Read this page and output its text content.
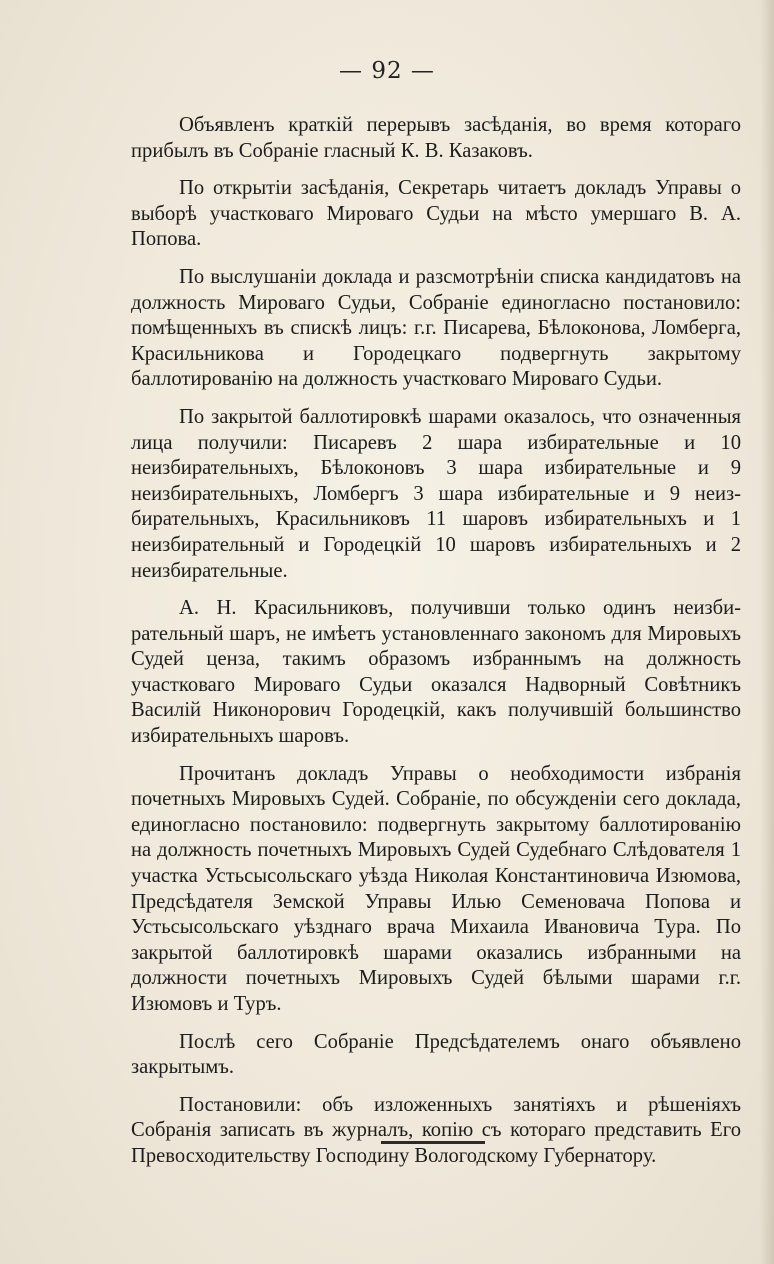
— 92 —

Объявленъ краткій перерывъ засѣданія, во время котораго прибылъ въ Собраніе гласный К. В. Казаковъ.

По открытіи засѣданія, Секретарь читаетъ докладъ Управы о выборѣ участковаго Мироваго Судьи на мѣсто умершаго В. А. Попова.

По выслушаніи доклада и разсмотрѣніи списка кандидатовъ на должность Мироваго Судьи, Собраніе единогласно постановило: помѣщенныхъ въ спискѣ лицъ: г.г. Писарева, Бѣлоконова, Ломберга, Красильникова и Городецкаго подвергнуть закрытому баллотированію на должность участковаго Мироваго Судьи.

По закрытой баллотировкѣ шарами оказалось, что означенныя лица получили: Писаревъ 2 шара избирательные и 10 неизбирательныхъ, Бѣлоконовъ 3 шара избирательные и 9 неизбирательныхъ, Ломбергъ 3 шара избирательные и 9 неизбирательныхъ, Красильниковъ 11 шаровъ избирательныхъ и 1 неизбирательный и Городецкій 10 шаровъ избирательныхъ и 2 неизбирательные.

А. Н. Красильниковъ, получивши только одинъ неизбирательный шаръ, не имѣетъ установленнаго закономъ для Мировыхъ Судей ценза, такимъ образомъ избраннымъ на должность участковаго Мироваго Судьи оказался Надворный Совѣтникъ Василій Никонорович Городецкій, какъ получившій большинство избирательныхъ шаровъ.

Прочитанъ докладъ Управы о необходимости избранія почетныхъ Мировыхъ Судей. Собраніе, по обсужденіи сего доклада, единогласно постановило: подвергнуть закрытому баллотированію на должность почетныхъ Мировыхъ Судей Судебнаго Слѣдователя 1 участка Устьсысольскаго уѣзда Николая Константиновича Изюмова, Предсѣдателя Земской Управы Илью Семеновача Попова и Устьсысольскаго уѣзднаго врача Михаила Ивановича Тура. По закрытой баллотировкѣ шарами оказались избранными на должности почетныхъ Мировыхъ Судей бѣлыми шарами г.г. Изюмовъ и Туръ.

Послѣ сего Собраніе Предсѣдателемъ онаго объявлено закрытымъ.

Постановили: объ изложенныхъ занятіяхъ и рѣшеніяхъ Собранія записать въ журналъ, копію съ котораго представить Его Превосходительству Господину Вологодскому Губернатору.
